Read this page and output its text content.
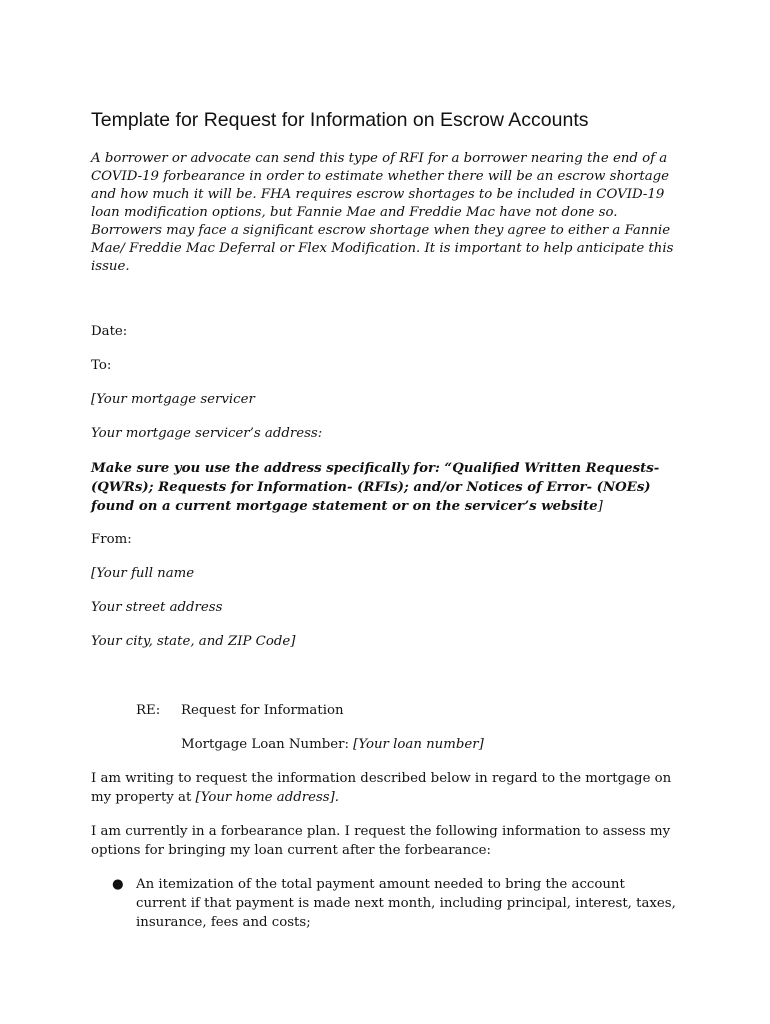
Template for Request for Information on Escrow Accounts

A borrower or advocate can send this type of RFI for a borrower nearing the end of a COVID-19 forbearance in order to estimate whether there will be an escrow shortage and how much it will be. FHA requires escrow shortages to be included in COVID-19 loan modification options, but Fannie Mae and Freddie Mac have not done so. Borrowers may face a significant escrow shortage when they agree to either a Fannie Mae/ Freddie Mac Deferral or Flex Modification. It is important to help anticipate this issue.

Date:

To:

[Your mortgage servicer

Your mortgage servicer’s address:

Make sure you use the address specifically for: “Qualified Written Requests- (QWRs); Requests for Information- (RFIs); and/or Notices of Error- (NOEs) found on a current mortgage statement or on the servicer’s website]

From:

[Your full name

Your street address

Your city, state, and ZIP Code]

RE: Request for Information

Mortgage Loan Number: [Your loan number]

I am writing to request the information described below in regard to the mortgage on my property at [Your home address].

I am currently in a forbearance plan. I request the following information to assess my options for bringing my loan current after the forbearance:

● An itemization of the total payment amount needed to bring the account current if that payment is made next month, including principal, interest, taxes, insurance, fees and costs;
